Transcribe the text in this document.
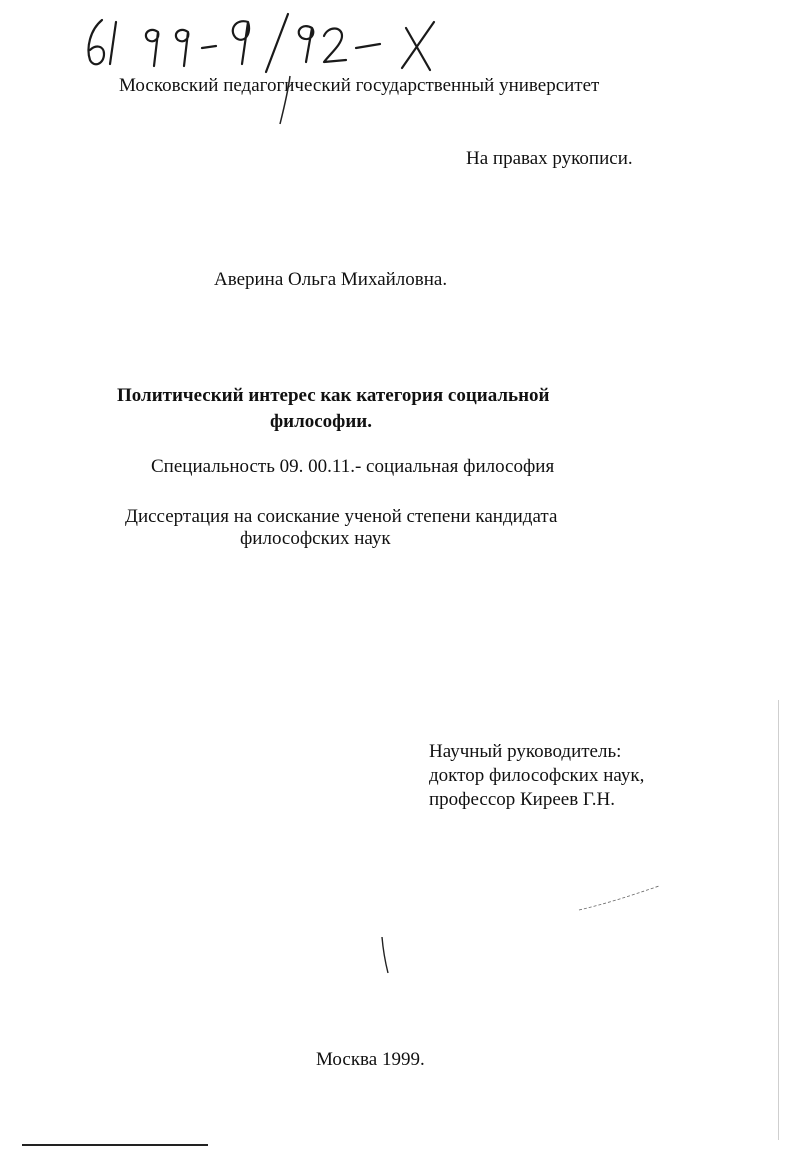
Московский педагогический государственный университет
На правах рукописи.
Аверина Ольга Михайловна.
Политический интерес как категория социальной
философии.
Специальность 09. 00.11.- социальная философия
Диссертация на соискание ученой степени кандидата
философских наук
Научный руководитель:
доктор философских наук,
профессор Киреев Г.Н.
Москва 1999.
